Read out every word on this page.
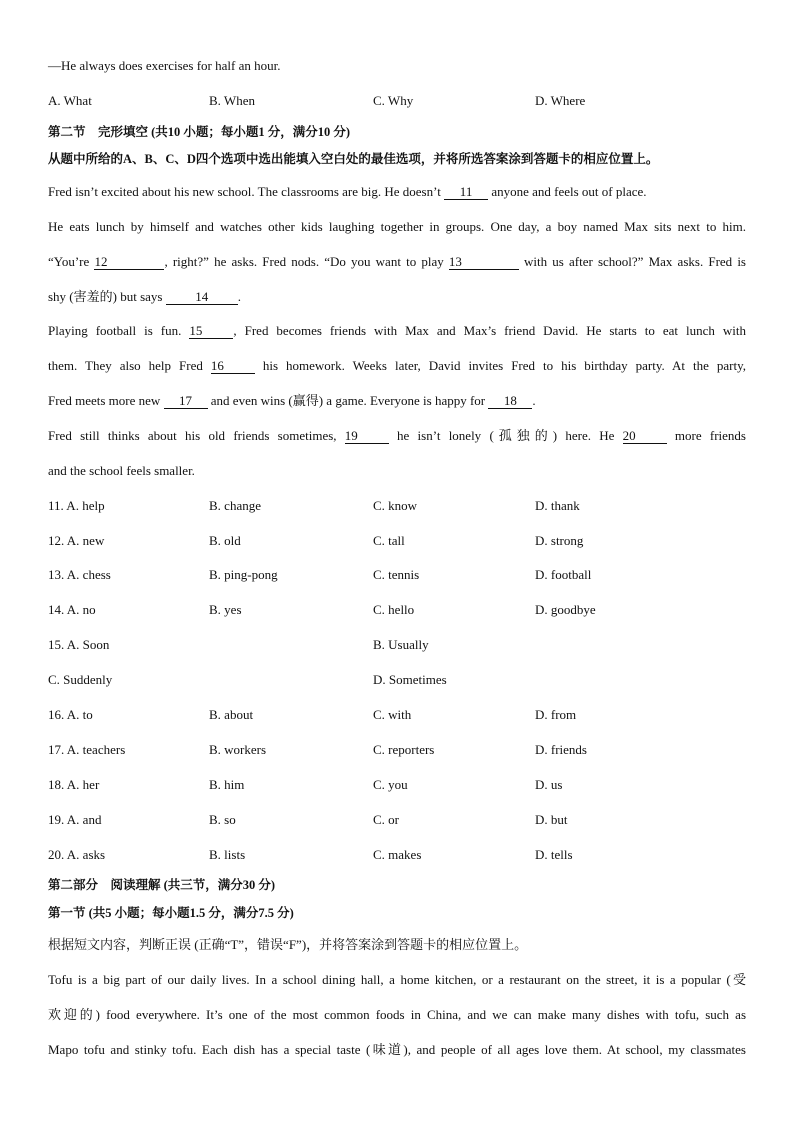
—He always does exercises for half an hour.
A. What	B. When	C. Why	D. Where
第二节　完形填空 (共10 小题；每小题1 分，满分10 分)
从题中所给的A、B、C、D四个选项中选出能填入空白处的最佳选项，并将所选答案涂到答题卡的相应位置上。
Fred isn’t excited about his new school. The classrooms are big. He doesn’t 11 anyone and feels out of place.
He eats lunch by himself and watches other kids laughing together in groups. One day, a boy named Max sits next to him.
“You’re 12	, right?” he asks. Fred nods. “Do you want to play 13	with us after school?” Max asks. Fred is
shy (害羞的) but says 14 .
Playing football is fun. 15 , Fred becomes friends with Max and Max’s friend David. He starts to eat lunch with
them. They also help Fred 16 his homework. Weeks later, David invites Fred to his birthday party. At the party,
Fred meets more new 17 and even wins (赢得) a game. Everyone is happy for 18 .
Fred still thinks about his old friends sometimes, 19 he isn’t lonely (孤独的) here. He 20 more friends
and the school feels smaller.
11. A. help	B. change	C. know	D. thank
12. A. new	B. old	C. tall	D. strong
13. A. chess	B. ping-pong	C. tennis	D. football
14. A. no	B. yes	C. hello	D. goodbye
15. A. Soon	B. Usually
C. Suddenly	D. Sometimes
16. A. to	B. about	C. with	D. from
17. A. teachers	B. workers	C. reporters	D. friends
18. A. her	B. him	C. you	D. us
19. A. and	B. so	C. or	D. but
20. A. asks	B. lists	C. makes	D. tells
第二部分　阅读理解 (共三节，满分30 分)
第一节 (共5 小题；每小题1.5 分，满分7.5 分)
根据短文内容，判断正误 (正确“T”，错误“F”)，并将答案涂到答题卡的相应位置上。
Tofu is a big part of our daily lives. In a school dining hall, a home kitchen, or a restaurant on the street, it is a popular (受
欢迎的) food everywhere. It’s one of the most common foods in China, and we can make many dishes with tofu, such as
Mapo tofu and stinky tofu. Each dish has a special taste (味道), and people of all ages love them. At school, my classmates
